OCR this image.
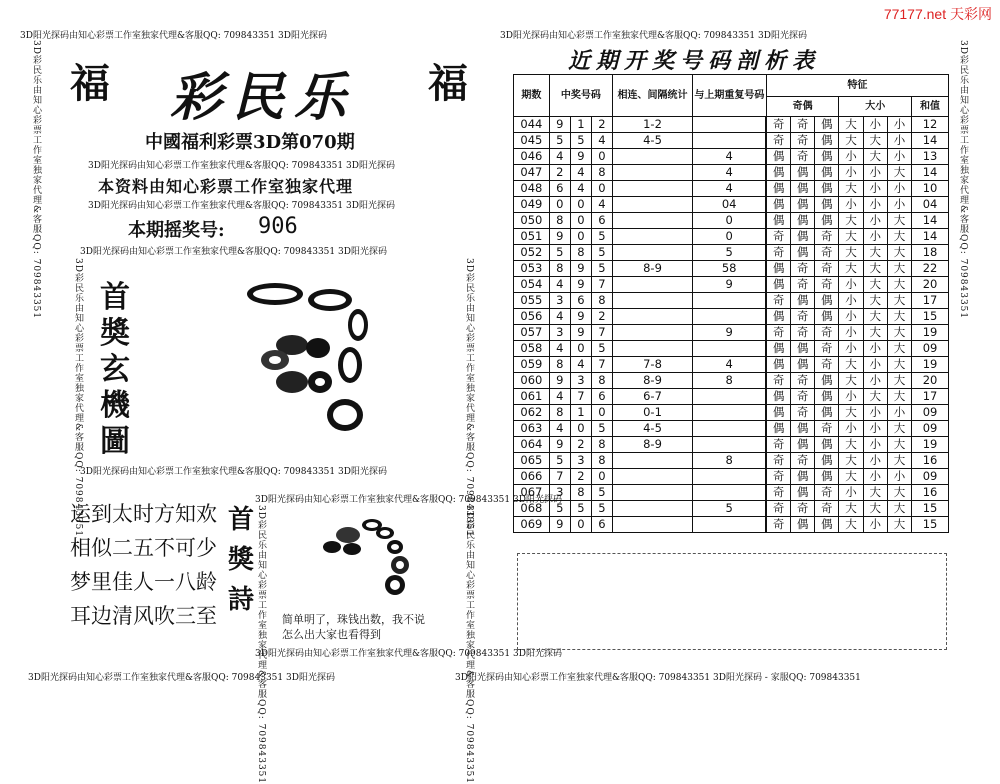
77177.net 天彩网
3D阳光探码由知心彩票工作室独家代理&客服QQ: 709843351 3D阳光探码	3D阳光探码由知心彩票工作室独家代理&客服QQ: 709843351 3D阳光探码
3D彩民乐由知心彩票工作室独家代理&客服QQ: 709843351	3D彩民乐由知心彩票工作室独家代理&客服QQ: 709843351
福	福
彩民乐
中國福利彩票3D第070期
3D阳光探码由知心彩票工作室独家代理&客服QQ: 709843351 3D阳光探码
本资料由知心彩票工作室独家代理
3D阳光探码由知心彩票工作室独家代理&客服QQ: 709843351 3D阳光探码
本期摇奖号: 906
3D阳光探码由知心彩票工作室独家代理&客服QQ: 709843351 3D阳光探码
3D阳光探码由知心彩票工作室独家代理&客服QQ: 709843351 3D阳光探码
3D彩民乐由知心彩票工作室独家代理&客服QQ: 709843351	3D彩民乐由知心彩票工作室独家代理&客服QQ: 709843351
首奬玄機圖
运到太时方知欢
相似二五不可少
梦里佳人一八龄
耳边清风吹三至
首獎詩
3D阳光探码由知心彩票工作室独家代理&客服QQ: 709843351 3D阳光探码
3D彩民乐由知心彩票工作室独家代理&客服QQ: 709843351	3D彩民乐由知心彩票工作室独家代理&客服QQ: 709843351
3D阳光探码由知心彩票工作室独家代理&客服QQ: 709843351 3D阳光探码
简单明了，珠钱出数，我不说
怎么出大家也看得到
近期开奖号码剖析表
期数	中奖号码			相连、间隔统计	与上期重复号码	特征						
						奇偶			大小			和值
044	9	1	2	1-2		奇	奇	偶	大	小	小	12
045	5	5	4	4-5		奇	奇	偶	大	大	小	14
046	4	9	0		4	偶	奇	偶	小	大	小	13
047	2	4	8		4	偶	偶	偶	小	小	大	14
048	6	4	0		4	偶	偶	偶	大	小	小	10
049	0	0	4		04	偶	偶	偶	小	小	小	04
050	8	0	6		0	偶	偶	偶	大	小	大	14
051	9	0	5		0	奇	偶	奇	大	小	大	14
052	5	8	5		5	奇	偶	奇	大	大	大	18
053	8	9	5	8-9	58	偶	奇	奇	大	大	大	22
054	4	9	7		9	偶	奇	奇	小	大	大	20
055	3	6	8			奇	偶	偶	小	大	大	17
056	4	9	2			偶	奇	偶	小	大	大	15
057	3	9	7		9	奇	奇	奇	小	大	大	19
058	4	0	5			偶	偶	奇	小	小	大	09
059	8	4	7	7-8	4	偶	偶	奇	大	小	大	19
060	9	3	8	8-9	8	奇	奇	偶	大	小	大	20
061	4	7	6	6-7		偶	奇	偶	小	大	大	17
062	8	1	0	0-1		偶	奇	偶	大	小	小	09
063	4	0	5	4-5		偶	偶	奇	小	小	大	09
064	9	2	8	8-9		奇	偶	偶	大	小	大	19
065	5	3	8		8	奇	奇	偶	大	小	大	16
066	7	2	0			奇	偶	偶	大	小	小	09
067	3	8	5			奇	偶	奇	小	大	大	16
068	5	5	5		5	奇	奇	奇	大	大	大	15
069	9	0	6			奇	偶	偶	大	小	大	15
3D阳光探码由知心彩票工作室独家代理&客服QQ: 709843351 3D阳光探码	3D阳光探码由知心彩票工作室独家代理&客服QQ: 709843351 3D阳光探码 - 家服QQ: 709843351
